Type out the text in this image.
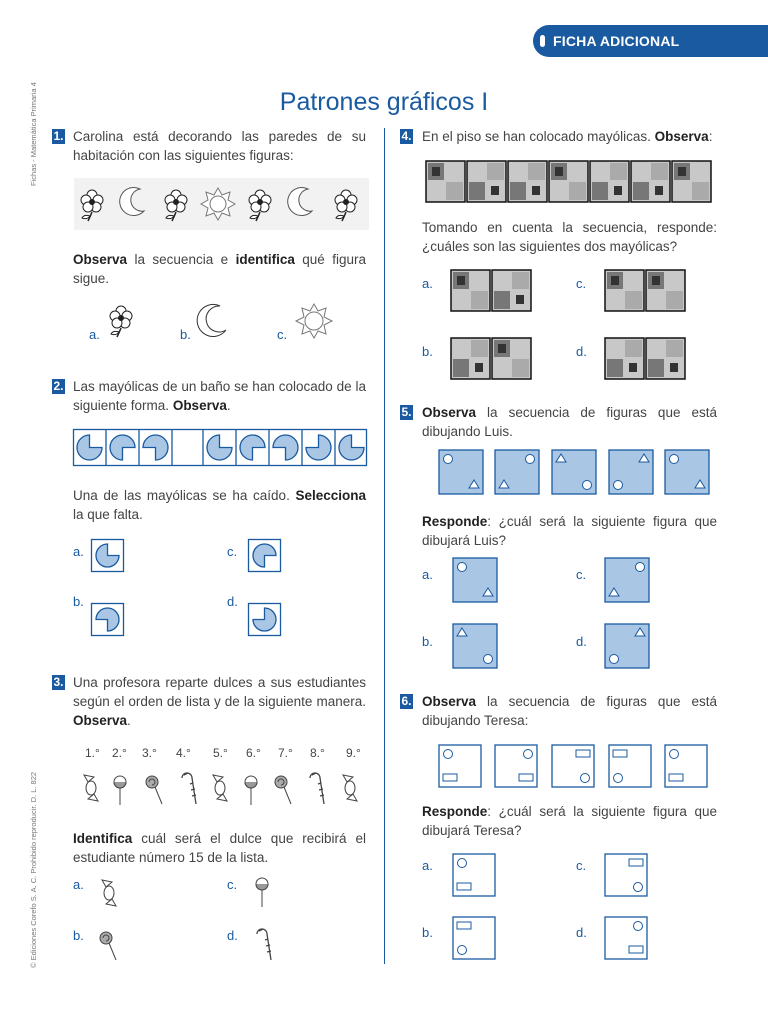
FICHA ADICIONAL
Patrones gráficos I
Fichas - Matemática Primaria 4
© Ediciones Corefo S. A. C. Prohibido reproducir. D. L. 822
1. Carolina está decorando las paredes de su habitación con las siguientes figuras:
Observa la secuencia e identifica qué figura sigue.
a.	b.	c.
2. Las mayólicas de un baño se han colocado de la siguiente forma. Observa.
Una de las mayólicas se ha caído. Selecciona la que falta.
a.
b.
c.
d.
3. Una profesora reparte dulces a sus estudiantes según el orden de lista y de la siguiente manera. Observa.
1.° 2.° 3.° 4.° 5.° 6.° 7.° 8.° 9.°
Identifica cuál será el dulce que recibirá el estudiante número 15 de la lista.
a.
b.
c.
d.
4. En el piso se han colocado mayólicas. Observa:
Tomando en cuenta la secuencia, responde: ¿cuáles son las siguientes dos mayólicas?
a.
b.
c.
d.
5. Observa la secuencia de figuras que está dibujando Luis.
Responde: ¿cuál será la siguiente figura que dibujará Luis?
a.
b.
c.
d.
6. Observa la secuencia de figuras que está dibujando Teresa:
Responde: ¿cuál será la siguiente figura que dibujará Teresa?
a.
b.
c.
d.
